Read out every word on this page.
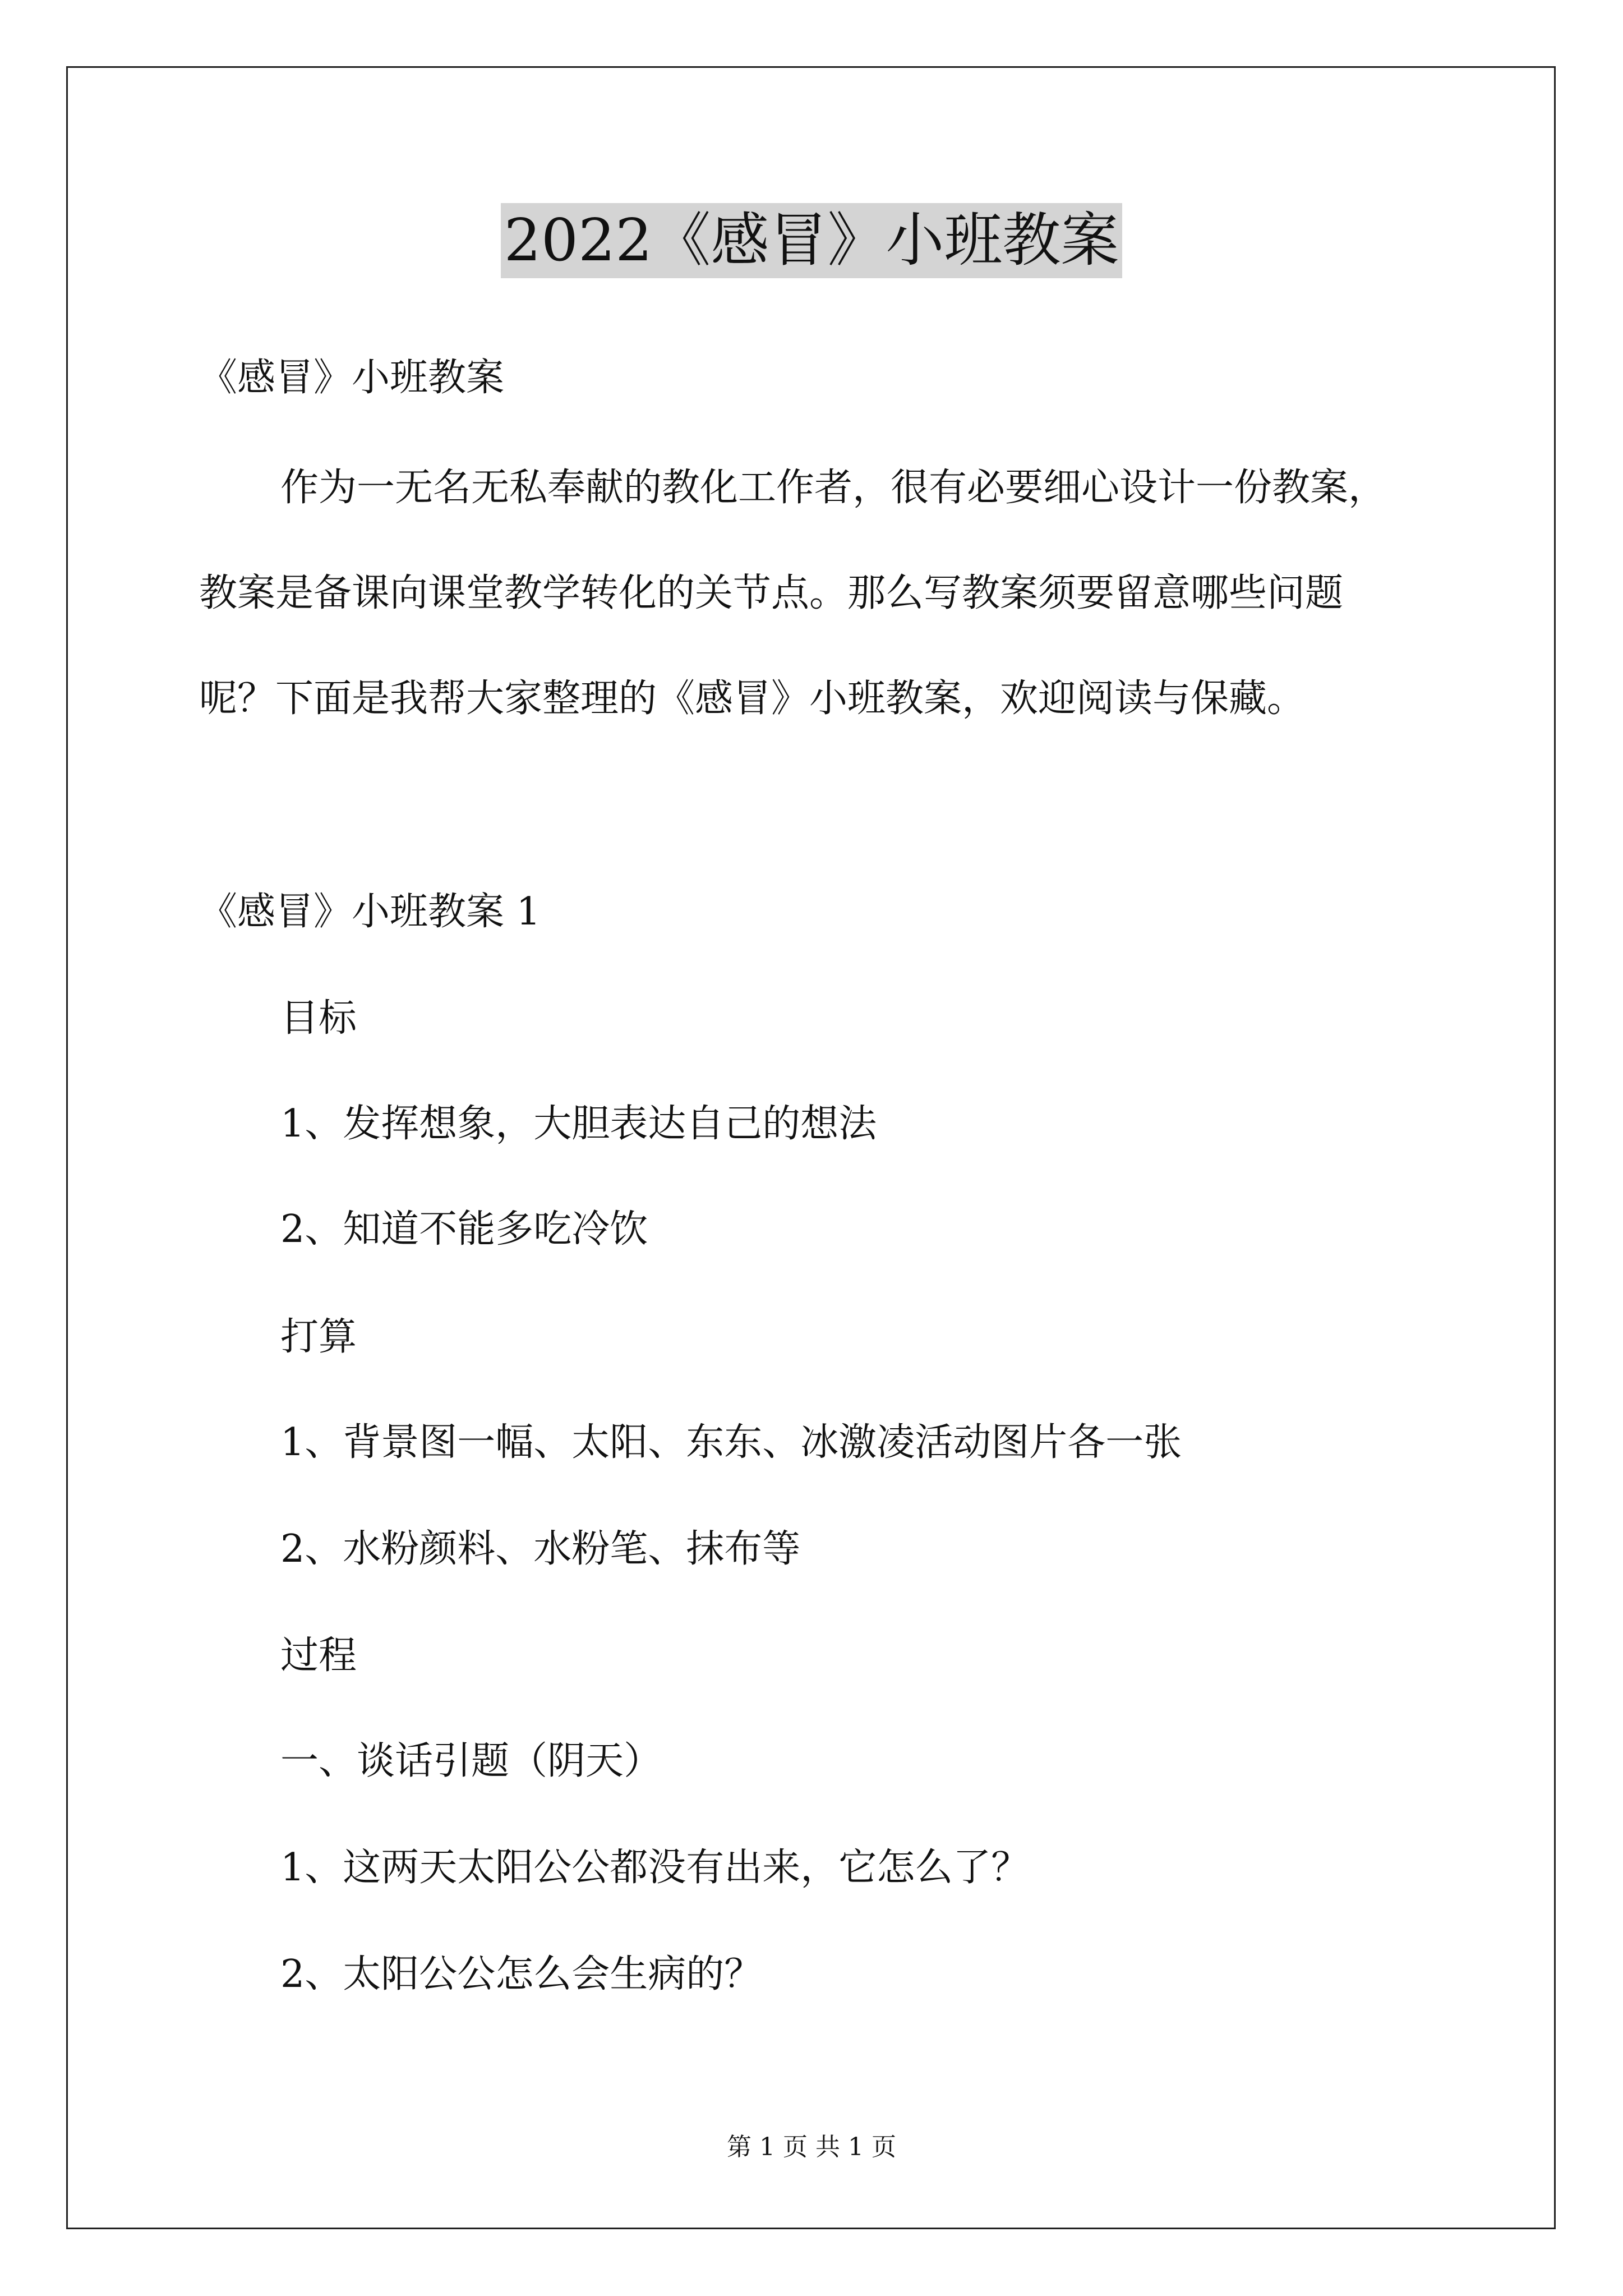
2022《感冒》小班教案
《感冒》小班教案
作为一无名无私奉献的教化工作者，很有必要细心设计一份教案，
教案是备课向课堂教学转化的关节点。那么写教案须要留意哪些问题
呢？下面是我帮大家整理的《感冒》小班教案，欢迎阅读与保藏。
《感冒》小班教案 1
目标
1、发挥想象，大胆表达自己的想法
2、知道不能多吃冷饮
打算
1、背景图一幅、太阳、东东、冰激凌活动图片各一张
2、水粉颜料、水粉笔、抹布等
过程
一、谈话引题（阴天）
1、这两天太阳公公都没有出来，它怎么了？
2、太阳公公怎么会生病的？
第 1 页 共 1 页
